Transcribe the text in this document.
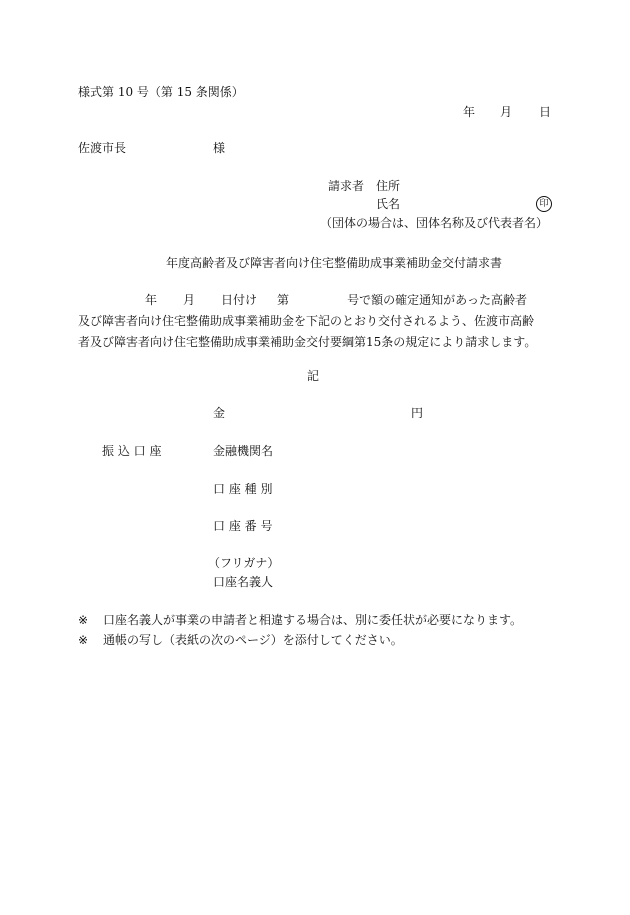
様式第 10 号（第 15 条関係）
年 月 日
佐渡市長	様
請求者 住所
氏名	印
（団体の場合は、団体名称及び代表者名）
年度高齢者及び障害者向け住宅整備助成事業補助金交付請求書
年 月 日付け 第	号で額の確定通知があった高齢者
及び障害者向け住宅整備助成事業補助金を下記のとおり交付されるよう、佐渡市高齢
者及び障害者向け住宅整備助成事業補助金交付要綱第15条の規定により請求します。
記
金	円
振 込 口 座	金融機関名
口 座 種 別
口 座 番 号
（フリガナ）
口座名義人
※ 口座名義人が事業の申請者と相違する場合は、別に委任状が必要になります。
※ 通帳の写し（表紙の次のページ）を添付してください。
